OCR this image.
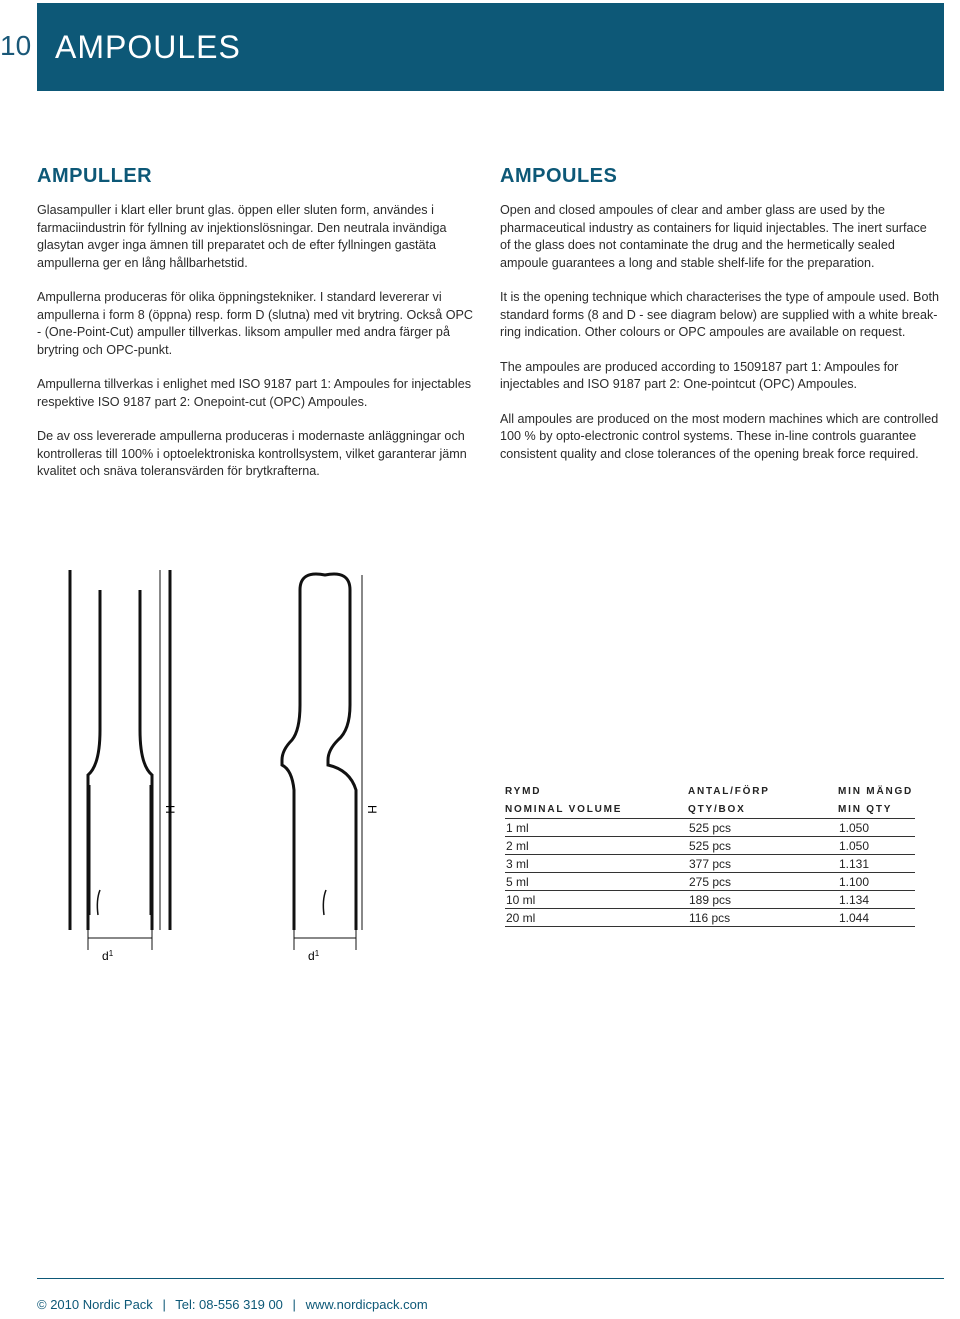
10 AMPOULES
AMPULLER

Glasampuller i klart eller brunt glas. öppen eller sluten form, användes i farmaciindustrin för fyllning av injektionslösningar. Den neutrala invändiga glasytan avger inga ämnen till preparatet och de efter fyllningen gastäta ampullerna ger en lång hållbarhetstid.

Ampullerna produceras för olika öppningstekniker. I standard levererar vi ampullerna i form 8 (öppna) resp. form D (slutna) med vit brytring. Också OPC - (One-Point-Cut) ampuller tillverkas. liksom ampuller med andra färger på brytring och OPC-punkt.

Ampullerna tillverkas i enlighet med ISO 9187 part 1: Ampoules for injectables respektive ISO 9187 part 2: Onepoint-cut (OPC) Ampoules.

De av oss levererade ampullerna produceras i modernaste anläggningar och kontrolleras till 100% i optoelektroniska kontrollsystem, vilket garanterar jämn kvalitet och snäva toleransvärden för brytkrafterna.

AMPOULES

Open and closed ampoules of clear and amber glass are used by the pharmaceutical industry as containers for liquid injectables. The inert surface of the glass does not contaminate the drug and the hermetically sealed ampoule guarantees a long and stable shelf-life for the preparation.

It is the opening technique which characterises the type of ampoule used. Both standard forms (8 and D - see diagram below) are supplied with a white break-ring indication. Other colours or OPC ampoules are available on request.

The ampoules are produced according to 1509187 part 1: Ampoules for injectables and ISO 9187 part 2: One-pointcut (OPC) Ampoules.

All ampoules are produced on the most modern machines which are controlled 100 % by opto-electronic control systems. These in-line controls guarantee consistent quality and close tolerances of the opening break force required.

H	H
$d^1$	$d^1$
RYMD	ANTAL/FÖRP	MIN MÄNGD
NOMINAL VOLUME	QTY/BOX	MIN QTY
1 ml	525 pcs	1.050
2 ml	525 pcs	1.050
3 ml	377 pcs	1.131
5 ml	275 pcs	1.100
10 ml	189 pcs	1.134
20 ml	116 pcs	1.044
© 2010 Nordic Pack | Tel: 08-556 319 00 | www.nordicpack.com
